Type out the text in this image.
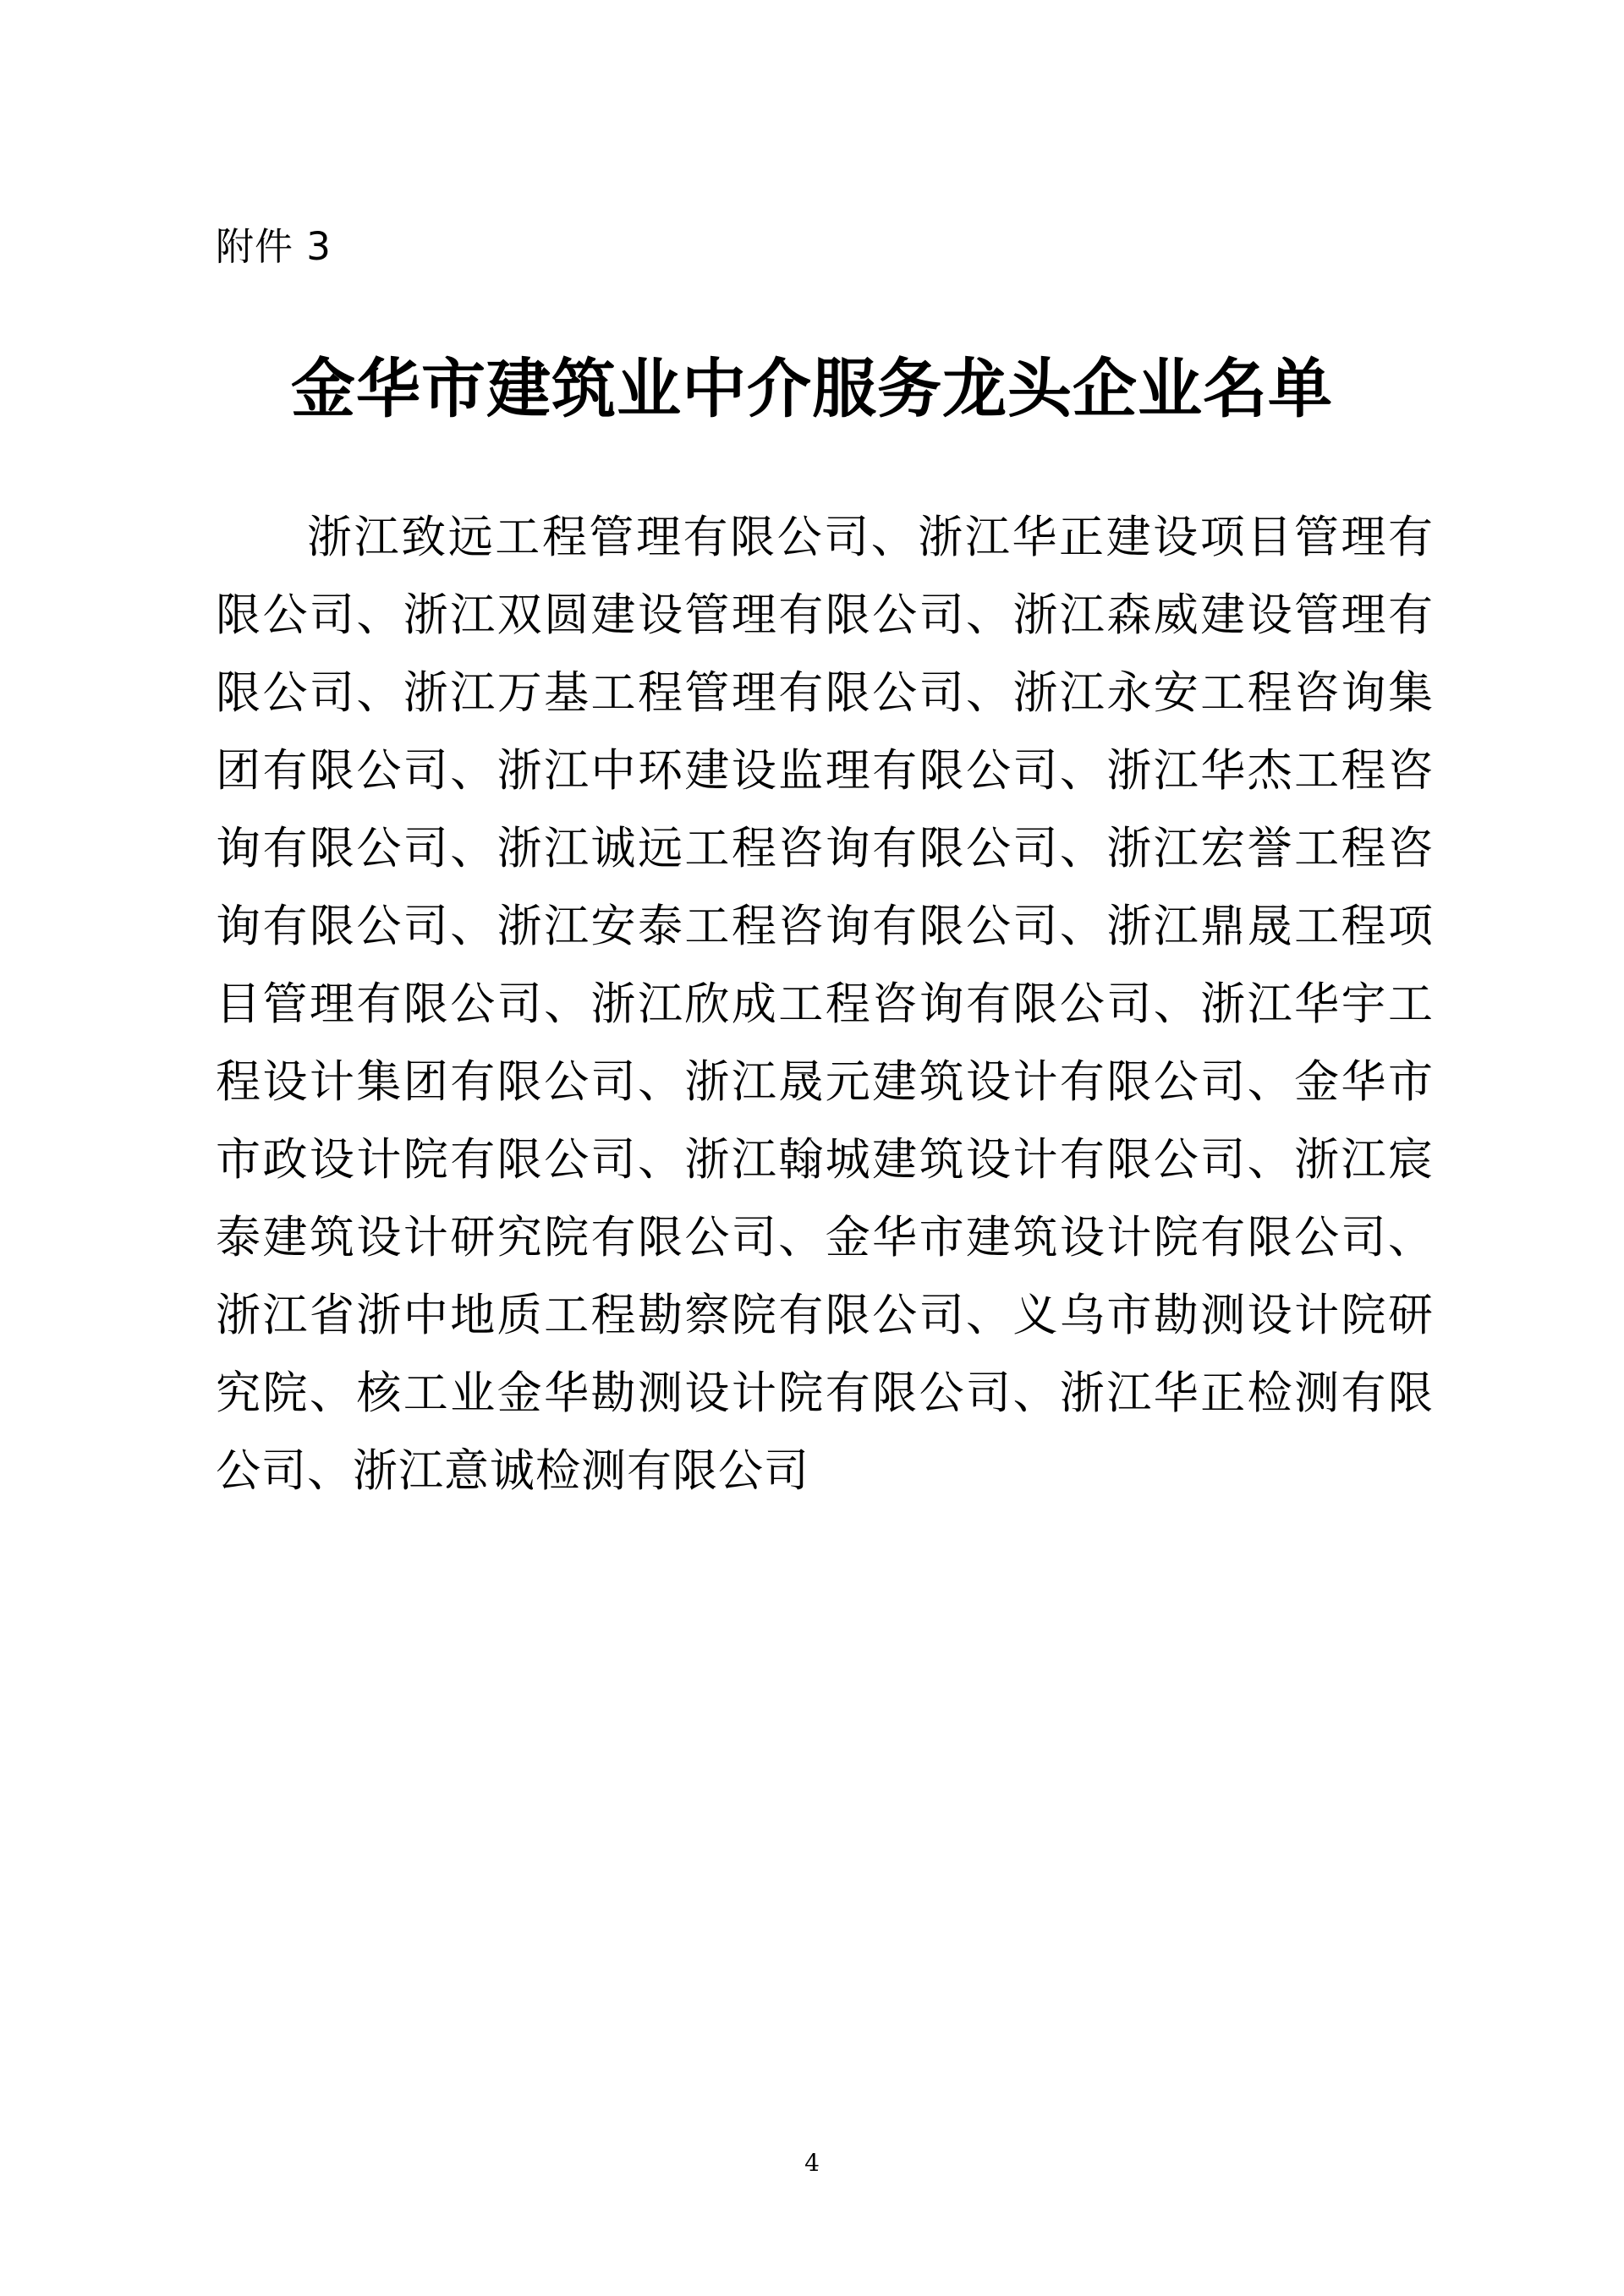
附件 3
金华市建筑业中介服务龙头企业名单

浙江致远工程管理有限公司、浙江华正建设项目管理有限公司、浙江双圆建设管理有限公司、浙江森威建设管理有限公司、浙江万基工程管理有限公司、浙江永安工程咨询集团有限公司、浙江中环建设监理有限公司、浙江华杰工程咨询有限公司、浙江诚远工程咨询有限公司、浙江宏誉工程咨询有限公司、浙江安泰工程咨询有限公司、浙江鼎晟工程项目管理有限公司、浙江欣成工程咨询有限公司、浙江华宇工程设计集团有限公司、浙江晟元建筑设计有限公司、金华市市政设计院有限公司、浙江翰城建筑设计有限公司、浙江宸泰建筑设计研究院有限公司、金华市建筑设计院有限公司、浙江省浙中地质工程勘察院有限公司、义乌市勘测设计院研究院、核工业金华勘测设计院有限公司、浙江华正检测有限公司、浙江意诚检测有限公司

4
